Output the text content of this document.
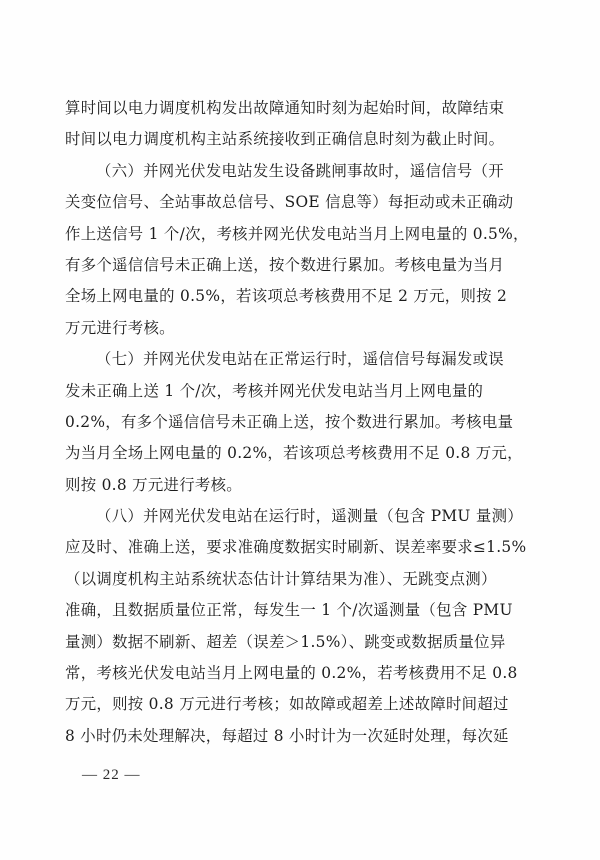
算时间以电力调度机构发出故障通知时刻为起始时间，故障结束
时间以电力调度机构主站系统接收到正确信息时刻为截止时间。
（六）并网光伏发电站发生设备跳闸事故时，遥信信号（开
关变位信号、全站事故总信号、SOE 信息等）每拒动或未正确动
作上送信号 1 个/次，考核并网光伏发电站当月上网电量的 0.5%，
有多个遥信信号未正确上送，按个数进行累加。考核电量为当月
全场上网电量的 0.5%，若该项总考核费用不足 2 万元，则按 2
万元进行考核。
（七）并网光伏发电站在正常运行时，遥信信号每漏发或误
发未正确上送 1 个/次，考核并网光伏发电站当月上网电量的
0.2%，有多个遥信信号未正确上送，按个数进行累加。考核电量
为当月全场上网电量的 0.2%，若该项总考核费用不足 0.8 万元，
则按 0.8 万元进行考核。
（八）并网光伏发电站在运行时，遥测量（包含 PMU 量测）
应及时、准确上送，要求准确度数据实时刷新、误差率要求≤1.5%
（以调度机构主站系统状态估计计算结果为准）、无跳变点测）
准确，且数据质量位正常，每发生一 1 个/次遥测量（包含 PMU
量测）数据不刷新、超差（误差＞1.5%）、跳变或数据质量位异
常，考核光伏发电站当月上网电量的 0.2%，若考核费用不足 0.8
万元，则按 0.8 万元进行考核；如故障或超差上述故障时间超过
8 小时仍未处理解决，每超过 8 小时计为一次延时处理，每次延
— 22 —
